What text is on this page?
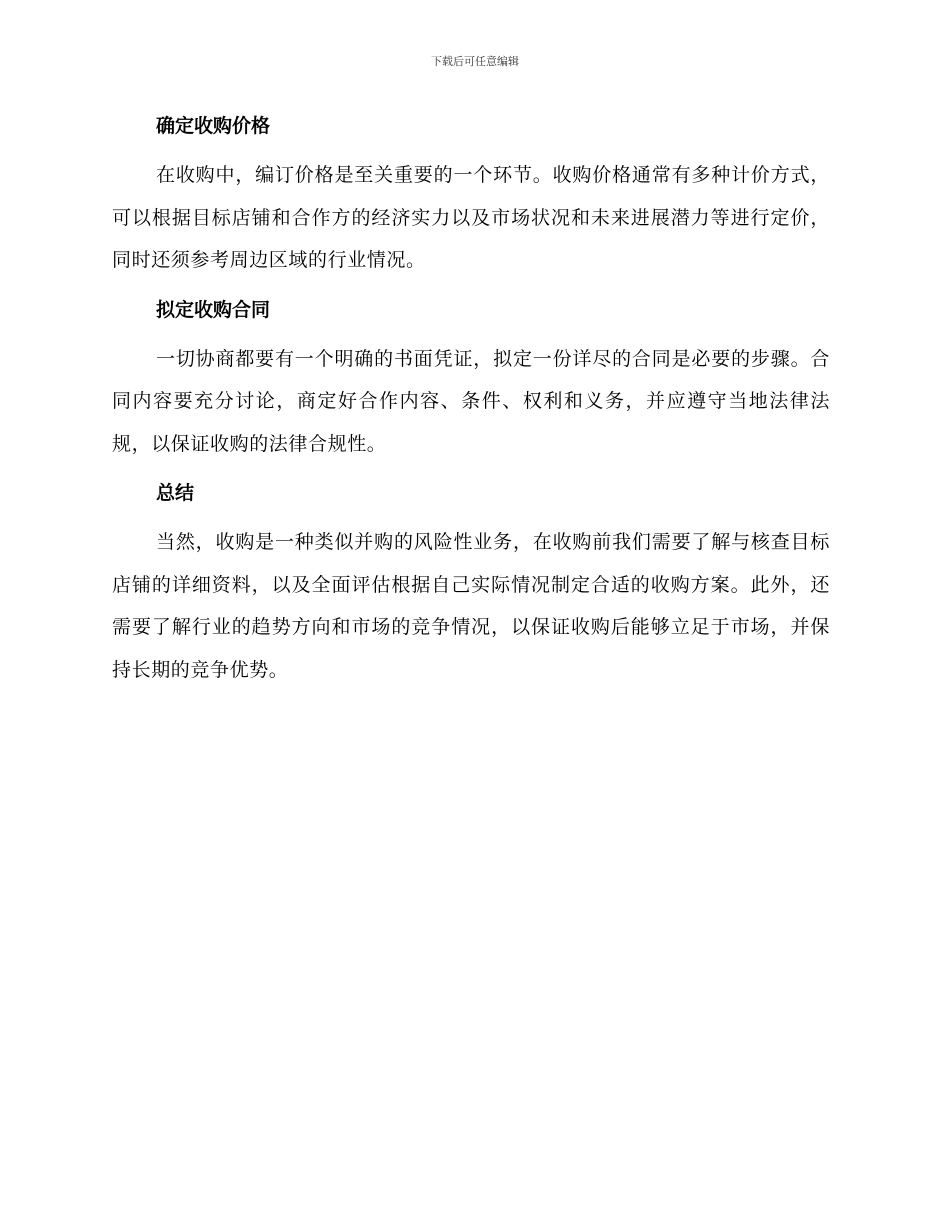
下载后可任意编辑
确定收购价格

在收购中，编订价格是至关重要的一个环节。收购价格通常有多种计价方式，可以根据目标店铺和合作方的经济实力以及市场状况和未来进展潜力等进行定价，同时还须参考周边区域的行业情况。

拟定收购合同

一切协商都要有一个明确的书面凭证，拟定一份详尽的合同是必要的步骤。合同内容要充分讨论，商定好合作内容、条件、权利和义务，并应遵守当地法律法规，以保证收购的法律合规性。

总结

当然，收购是一种类似并购的风险性业务，在收购前我们需要了解与核查目标店铺的详细资料，以及全面评估根据自己实际情况制定合适的收购方案。此外，还需要了解行业的趋势方向和市场的竞争情况，以保证收购后能够立足于市场，并保持长期的竞争优势。
